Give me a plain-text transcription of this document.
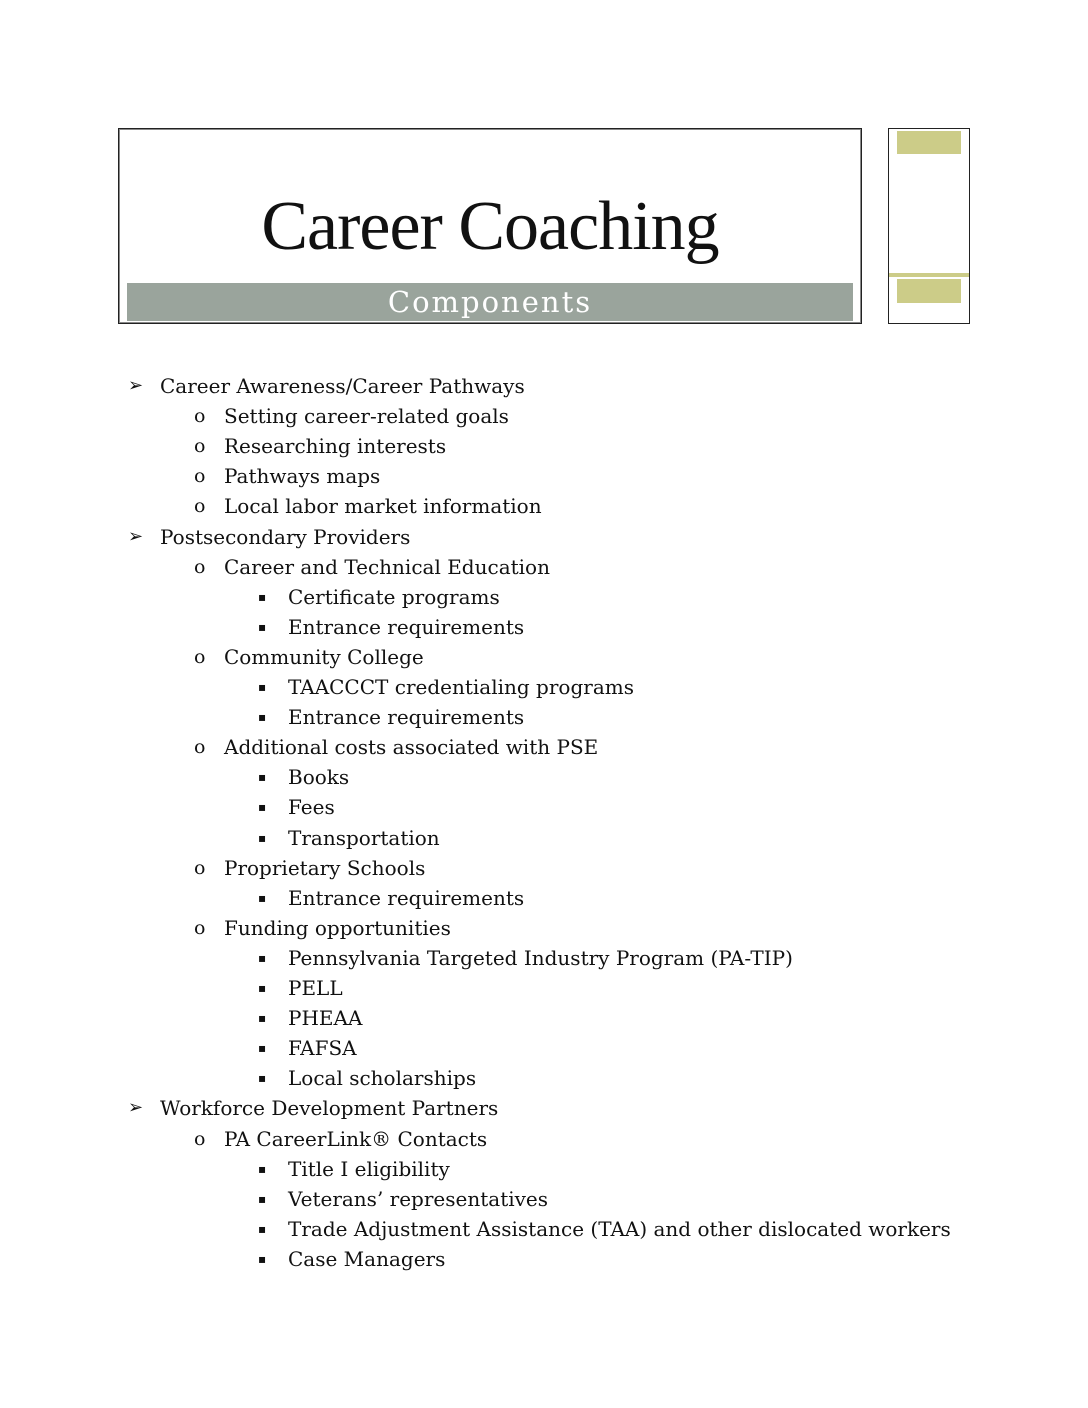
Career Coaching
Components
➢ Career Awareness/Career Pathways
o Setting career-related goals
o Researching interests
o Pathways maps
o Local labor market information
➢ Postsecondary Providers
o Career and Technical Education
▪ Certificate programs
▪ Entrance requirements
o Community College
▪ TAACCCT credentialing programs
▪ Entrance requirements
o Additional costs associated with PSE
▪ Books
▪ Fees
▪ Transportation
o Proprietary Schools
▪ Entrance requirements
o Funding opportunities
▪ Pennsylvania Targeted Industry Program (PA-TIP)
▪ PELL
▪ PHEAA
▪ FAFSA
▪ Local scholarships
➢ Workforce Development Partners
o PA CareerLink® Contacts
▪ Title I eligibility
▪ Veterans’ representatives
▪ Trade Adjustment Assistance (TAA) and other dislocated workers
▪ Case Managers
